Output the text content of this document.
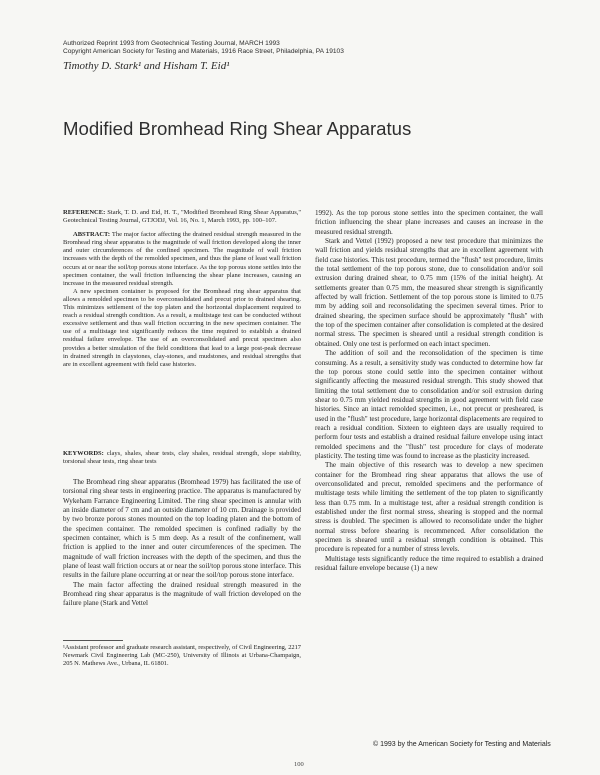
Authorized Reprint 1993 from Geotechnical Testing Journal, MARCH 1993
Copyright American Society for Testing and Materials, 1916 Race Street, Philadelphia, PA 19103
Timothy D. Stark¹ and Hisham T. Eid¹
Modified Bromhead Ring Shear Apparatus

REFERENCE: Stark, T. D. and Eid, H. T., "Modified Bromhead Ring Shear Apparatus," Geotechnical Testing Journal, GTJODJ, Vol. 16, No. 1, March 1993, pp. 100–107.

ABSTRACT: The major factor affecting the drained residual strength measured in the Bromhead ring shear apparatus is the magnitude of wall friction developed along the inner and outer circumferences of the confined specimen. The magnitude of wall friction increases with the depth of the remolded specimen, and thus the plane of least wall friction occurs at or near the soil/top porous stone interface. As the top porous stone settles into the specimen container, the wall friction influencing the shear plane increases, causing an increase in the measured residual strength.

A new specimen container is proposed for the Bromhead ring shear apparatus that allows a remolded specimen to be overconsolidated and precut prior to drained shearing. This minimizes settlement of the top platen and the horizontal displacement required to reach a residual strength condition. As a result, a multistage test can be conducted without excessive settlement and thus wall friction occurring in the new specimen container. The use of a multistage test significantly reduces the time required to establish a drained residual failure envelope. The use of an overconsolidated and precut specimen also provides a better simulation of the field conditions that lead to a large post-peak decrease in drained strength in claystones, clay-stones, and mudstones, and residual strengths that are in excellent agreement with field case histories.

KEYWORDS: clays, shales, shear tests, clay shales, residual strength, slope stability, torsional shear tests, ring shear tests

The Bromhead ring shear apparatus (Bromhead 1979) has facilitated the use of torsional ring shear tests in engineering practice. The apparatus is manufactured by Wykeham Farrance Engineering Limited. The ring shear specimen is annular with an inside diameter of 7 cm and an outside diameter of 10 cm. Drainage is provided by two bronze porous stones mounted on the top loading platen and the bottom of the specimen container. The remolded specimen is confined radially by the specimen container, which is 5 mm deep. As a result of the confinement, wall friction is applied to the inner and outer circumferences of the specimen. The magnitude of wall friction increases with the depth of the specimen, and thus the plane of least wall friction occurs at or near the soil/top porous stone interface. This results in the failure plane occurring at or near the soil/top porous stone interface.

The main factor affecting the drained residual strength measured in the Bromhead ring shear apparatus is the magnitude of wall friction developed on the failure plane (Stark and Vettel

¹Assistant professor and graduate research assistant, respectively, of Civil Engineering, 2217 Newmark Civil Engineering Lab (MC-250), University of Illinois at Urbana-Champaign, 205 N. Mathews Ave., Urbana, IL 61801.

1992). As the top porous stone settles into the specimen container, the wall friction influencing the shear plane increases and causes an increase in the measured residual strength.

Stark and Vettel (1992) proposed a new test procedure that minimizes the wall friction and yields residual strengths that are in excellent agreement with field case histories. This test procedure, termed the "flush" test procedure, limits the total settlement of the top porous stone, due to consolidation and/or soil extrusion during drained shear, to 0.75 mm (15% of the initial height). At settlements greater than 0.75 mm, the measured shear strength is significantly affected by wall friction. Settlement of the top porous stone is limited to 0.75 mm by adding soil and reconsolidating the specimen several times. Prior to drained shearing, the specimen surface should be approximately "flush" with the top of the specimen container after consolidation is completed at the desired normal stress. The specimen is sheared until a residual strength condition is obtained. Only one test is performed on each intact specimen.

The addition of soil and the reconsolidation of the specimen is time consuming. As a result, a sensitivity study was conducted to determine how far the top porous stone could settle into the specimen container without significantly affecting the measured residual strength. This study showed that limiting the total settlement due to consolidation and/or soil extrusion during shear to 0.75 mm yielded residual strengths in good agreement with field case histories. Since an intact remolded specimen, i.e., not precut or presheared, is used in the "flush" test procedure, large horizontal displacements are required to reach a residual condition. Sixteen to eighteen days are usually required to perform four tests and establish a drained residual failure envelope using intact remolded specimens and the "flush" test procedure for clays of moderate plasticity. The testing time was found to increase as the plasticity increased.

The main objective of this research was to develop a new specimen container for the Bromhead ring shear apparatus that allows the use of overconsolidated and precut, remolded specimens and the performance of multistage tests while limiting the settlement of the top platen to significantly less than 0.75 mm. In a multistage test, after a residual strength condition is established under the first normal stress, shearing is stopped and the normal stress is doubled. The specimen is allowed to reconsolidate under the higher normal stress before shearing is recommenced. After consolidation the specimen is sheared until a residual strength condition is obtained. This procedure is repeated for a number of stress levels.

Multistage tests significantly reduce the time required to establish a drained residual failure envelope because (1) a new

© 1993 by the American Society for Testing and Materials
100
